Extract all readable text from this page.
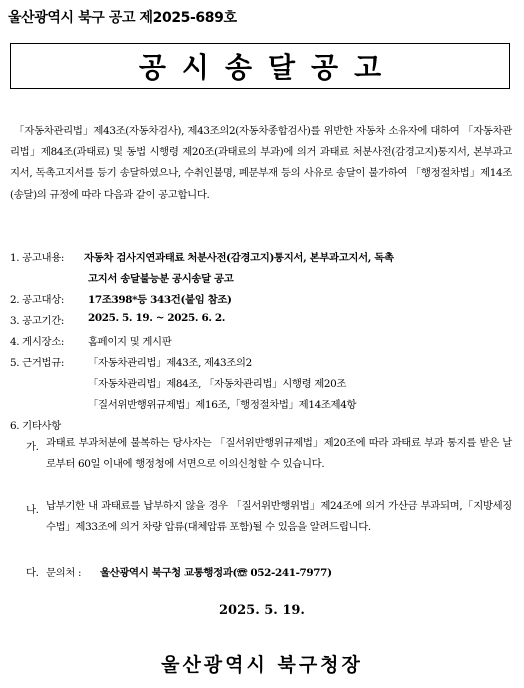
울산광역시 북구 공고 제2025-689호
공시송달공고
「자동차관리법」제43조(자동차검사), 제43조의2(자동차종합검사)를 위반한 자동차 소유자에 대하여 「자동차관리법」제84조(과태료) 및 동법 시행령 제20조(과태료의 부과)에 의거 과태료 처분사전(감경고지)통지서, 본부과고지서, 독촉고지서를 등기 송달하였으나, 수취인불명, 폐문부재 등의 사유로 송달이 불가하여 「행정절차법」제14조(송달)의 규정에 따라 다음과 같이 공고합니다.
1. 공고내용: 자동차 검사지연과태료 처분사전(감경고지)통지서, 본부과고지서, 독촉
고지서 송달불능분 공시송달 공고
2. 공고대상: 17조398*등 343건(붙임 참조)
3. 공고기간: 2025. 5. 19. ~ 2025. 6. 2.
4. 게시장소: 홈페이지 및 게시판
5. 근거법규: 「자동차관리법」제43조, 제43조의2
「자동차관리법」제84조, 「자동차관리법」시행령 제20조
「질서위반행위규제법」제16조,「행정절차법」제14조제4항
6. 기타사항
가. 과태료 부과처분에 불복하는 당사자는 「질서위반행위규제법」제20조에 따라 과태료 부과 통지를 받은 날로부터 60일 이내에 행정청에 서면으로 이의신청할 수 있습니다.
나. 납부기한 내 과태료를 납부하지 않을 경우 「질서위반행위법」제24조에 의거 가산금 부과되며,「지방세징수법」제33조에 의거 차량 압류(대체압류 포함)될 수 있음을 알려드립니다.
다. 문의처 : 울산광역시 북구청 교통행정과(☏ 052-241-7977)
2025. 5. 19.
울산광역시 북구청장
